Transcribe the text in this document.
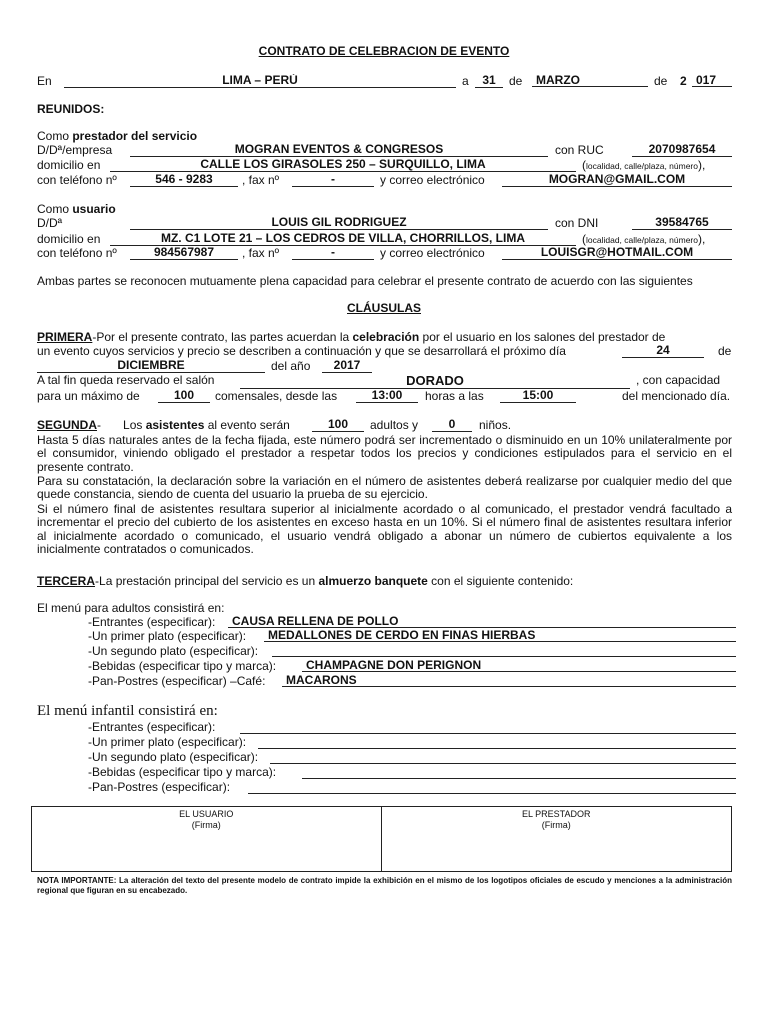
CONTRATO DE CELEBRACION DE EVENTO
En	LIMA – PERÚ	a	31	de	MARZO	de 2 017
REUNIDOS:
Como prestador del servicio
D/Dª/empresa	MOGRAN EVENTOS & CONGRESOS	con RUC	2070987654
domicilio en	CALLE LOS GIRASOLES 250 – SURQUILLO, LIMA	(localidad, calle/plaza, número),
con teléfono nº	546 - 9283	, fax nº	-	y correo electrónico	MOGRAN@GMAIL.COM
Como usuario
D/Dª	LOUIS GIL RODRIGUEZ	con DNI	39584765
domicilio en	MZ. C1 LOTE 21 – LOS CEDROS DE VILLA, CHORRILLOS, LIMA	(localidad, calle/plaza, número),
con teléfono nº	984567987	, fax nº	-	y correo electrónico	LOUISGR@HOTMAIL.COM
Ambas partes se reconocen mutuamente plena capacidad para celebrar el presente contrato de acuerdo con las siguientes
CLÁUSULAS
PRIMERA-Por el presente contrato, las partes acuerdan la celebración por el usuario en los salones del prestador de
un evento cuyos servicios y precio se describen a continuación y que se desarrollará el próximo día	24	de
DICIEMBRE	del año	2017
A tal fin queda reservado el salón	DORADO	, con capacidad
para un máximo de	100	comensales, desde las	13:00	horas a las	15:00	del mencionado día.
SEGUNDA- Los asistentes al evento serán	100	adultos y	0	niños.
Hasta 5 días naturales antes de la fecha fijada, este número podrá ser incrementado o disminuido en un 10% unilateralmente por el consumidor, viniendo obligado el prestador a respetar todos los precios y condiciones estipulados para el servicio en el presente contrato.
Para su constatación, la declaración sobre la variación en el número de asistentes deberá realizarse por cualquier medio del que quede constancia, siendo de cuenta del usuario la prueba de su ejercicio.
Si el número final de asistentes resultara superior al inicialmente acordado o al comunicado, el prestador vendrá facultado a incrementar el precio del cubierto de los asistentes en exceso hasta en un 10%. Si el número final de asistentes resultara inferior al inicialmente acordado o comunicado, el usuario vendrá obligado a abonar un número de cubiertos equivalente a los inicialmente contratados o comunicados.
TERCERA-La prestación principal del servicio es un almuerzo banquete con el siguiente contenido:
El menú para adultos consistirá en:
-Entrantes (especificar):	CAUSA RELLENA DE POLLO
-Un primer plato (especificar):	MEDALLONES DE CERDO EN FINAS HIERBAS
-Un segundo plato (especificar):
-Bebidas (especificar tipo y marca):	CHAMPAGNE DON PERIGNON
-Pan-Postres (especificar) –Café:	MACARONS
El menú infantil consistirá en:
-Entrantes (especificar):
-Un primer plato (especificar):
-Un segundo plato (especificar):
-Bebidas (especificar tipo y marca):
-Pan-Postres (especificar):
EL USUARIO
(Firma)
EL PRESTADOR
(Firma)
NOTA IMPORTANTE: La alteración del texto del presente modelo de contrato impide la exhibición en el mismo de los logotipos oficiales de escudo y menciones a la administración regional que figuran en su encabezado.
